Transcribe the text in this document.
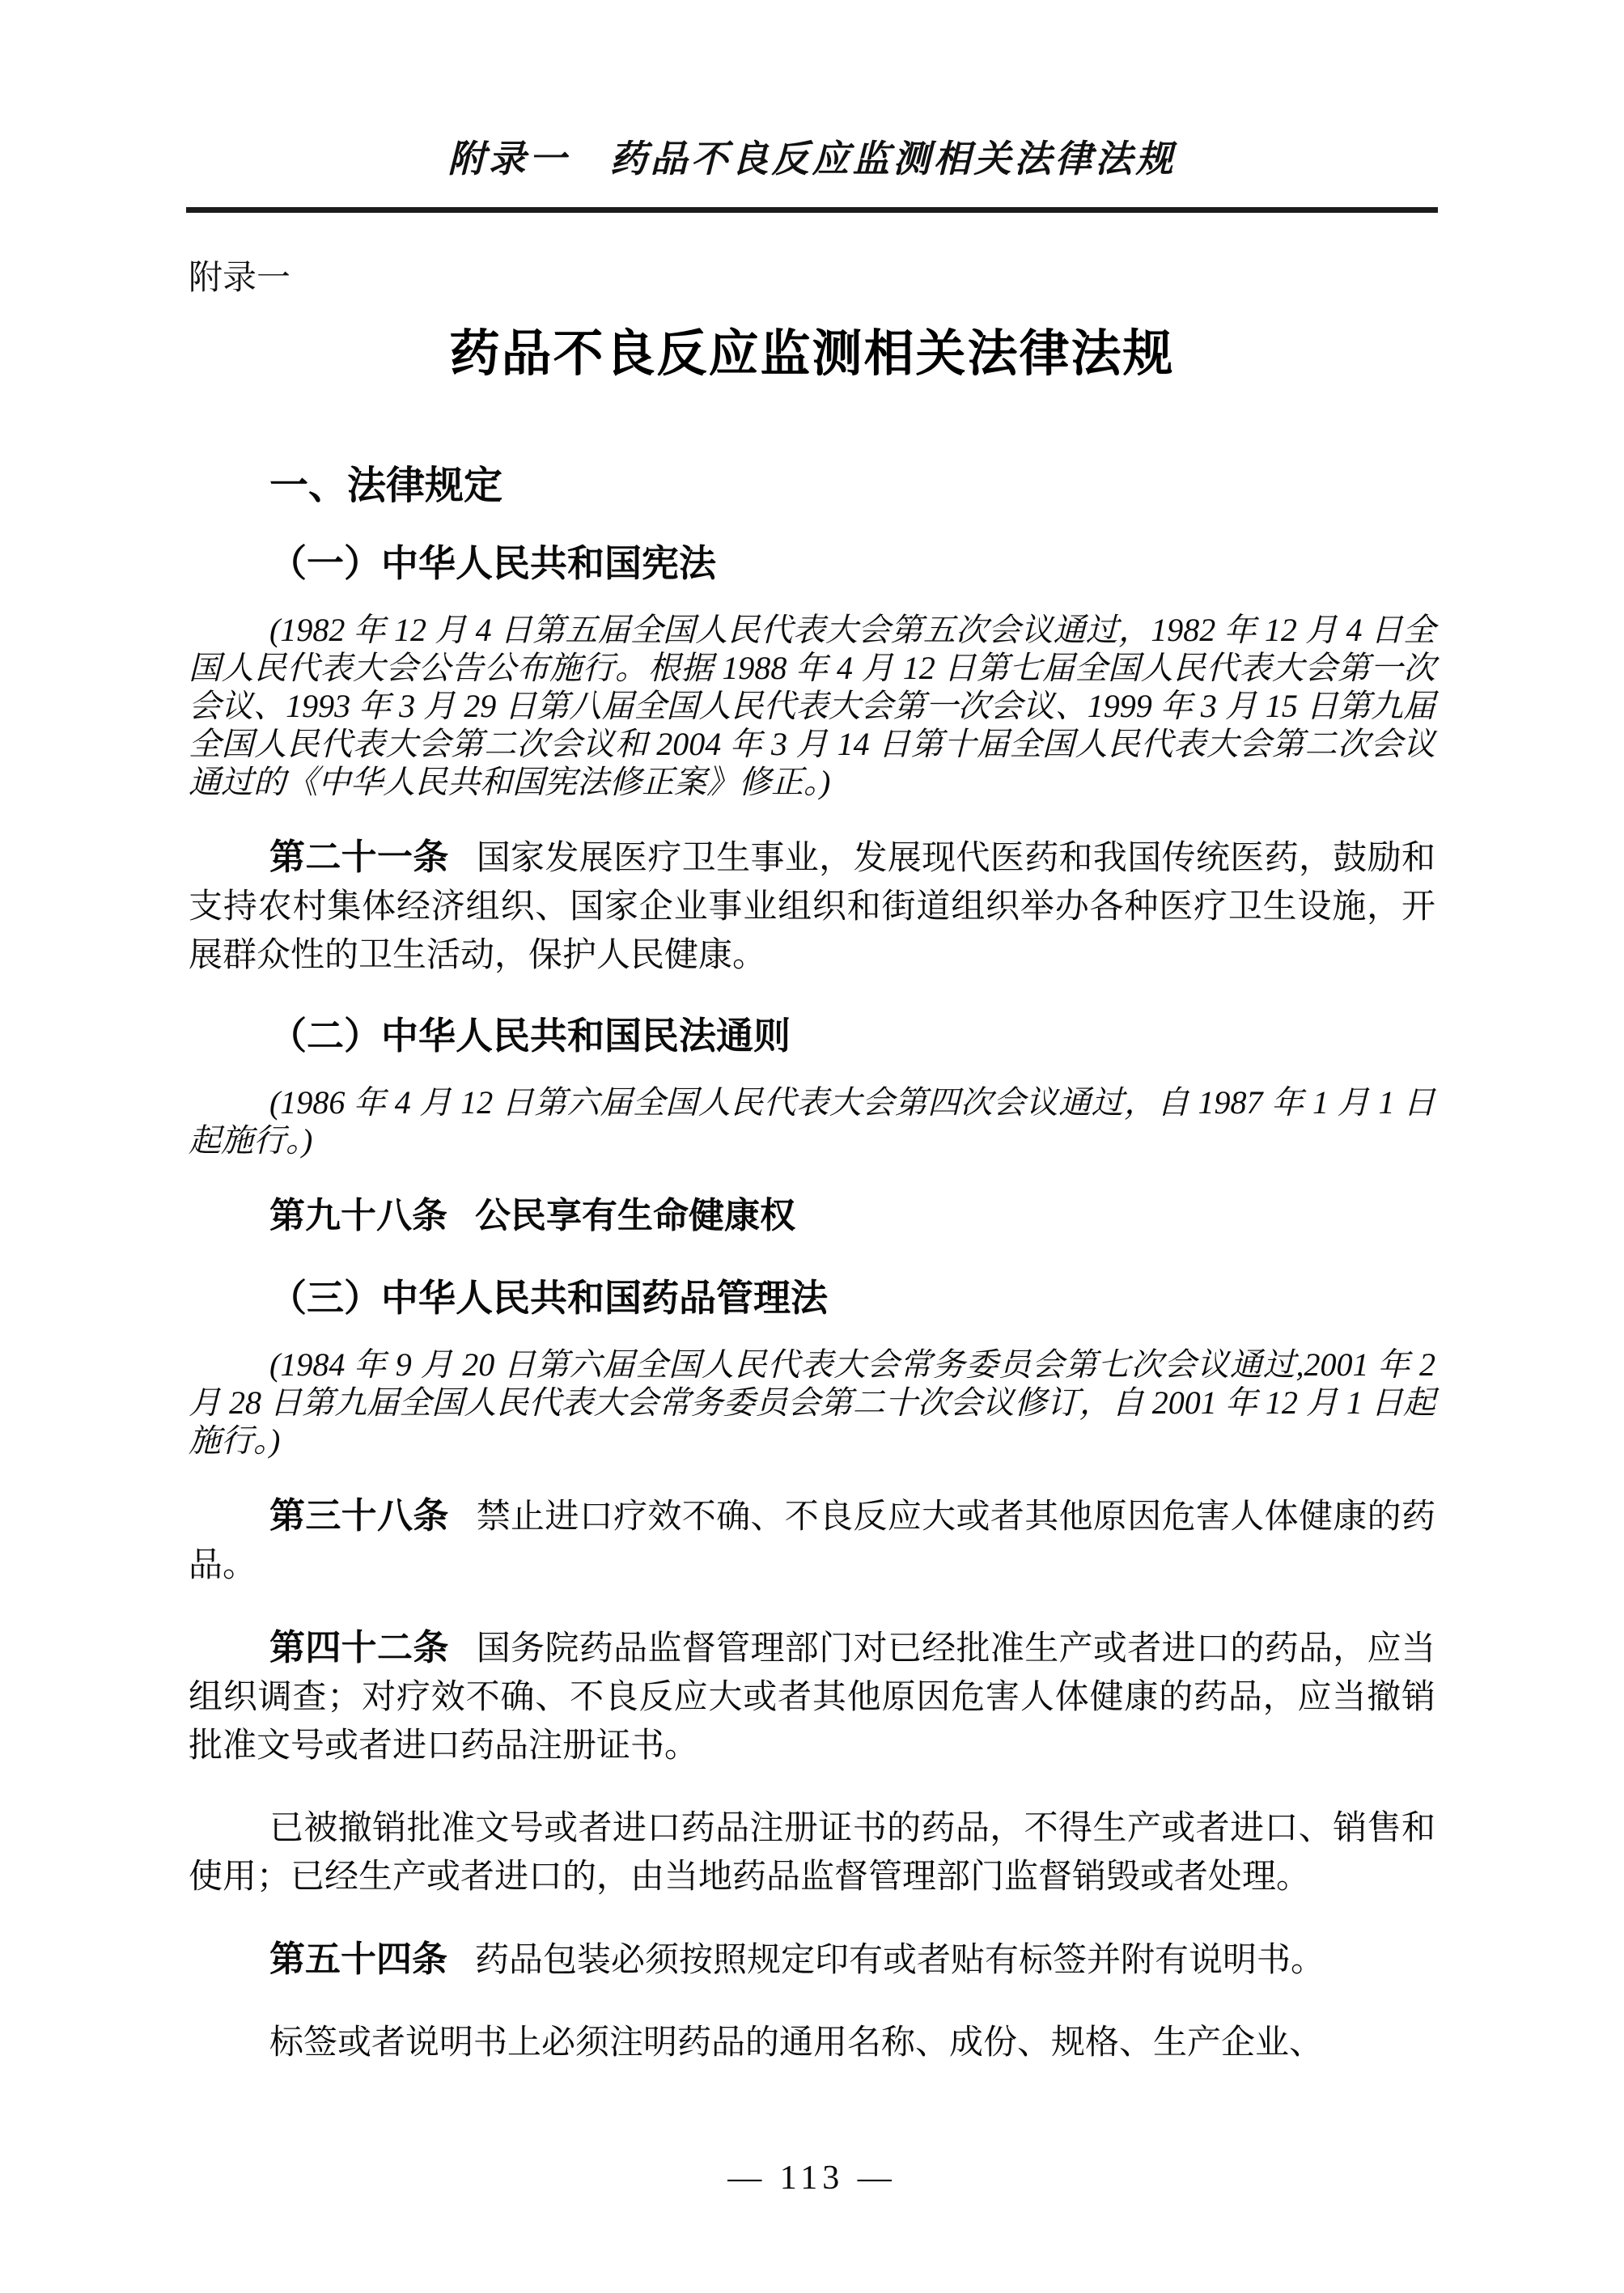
附录一　药品不良反应监测相关法律法规
附录一
药品不良反应监测相关法律法规
一、法律规定
（一）中华人民共和国宪法

(1982 年 12 月 4 日第五届全国人民代表大会第五次会议通过，1982 年 12 月 4 日全国人民代表大会公告公布施行。根据 1988 年 4 月 12 日第七届全国人民代表大会第一次会议、1993 年 3 月 29 日第八届全国人民代表大会第一次会议、1999 年 3 月 15 日第九届全国人民代表大会第二次会议和 2004 年 3 月 14 日第十届全国人民代表大会第二次会议通过的《中华人民共和国宪法修正案》修正。)

第二十一条 国家发展医疗卫生事业，发展现代医药和我国传统医药，鼓励和支持农村集体经济组织、国家企业事业组织和街道组织举办各种医疗卫生设施，开展群众性的卫生活动，保护人民健康。

（二）中华人民共和国民法通则

(1986 年 4 月 12 日第六届全国人民代表大会第四次会议通过，自 1987 年 1 月 1 日起施行。)

第九十八条 公民享有生命健康权

（三）中华人民共和国药品管理法

(1984 年 9 月 20 日第六届全国人民代表大会常务委员会第七次会议通过,2001 年 2 月 28 日第九届全国人民代表大会常务委员会第二十次会议修订，自 2001 年 12 月 1 日起施行。)

第三十八条 禁止进口疗效不确、不良反应大或者其他原因危害人体健康的药品。

第四十二条 国务院药品监督管理部门对已经批准生产或者进口的药品，应当组织调查；对疗效不确、不良反应大或者其他原因危害人体健康的药品，应当撤销批准文号或者进口药品注册证书。

已被撤销批准文号或者进口药品注册证书的药品，不得生产或者进口、销售和使用；已经生产或者进口的，由当地药品监督管理部门监督销毁或者处理。

第五十四条 药品包装必须按照规定印有或者贴有标签并附有说明书。

标签或者说明书上必须注明药品的通用名称、成份、规格、生产企业、

— 113 —
